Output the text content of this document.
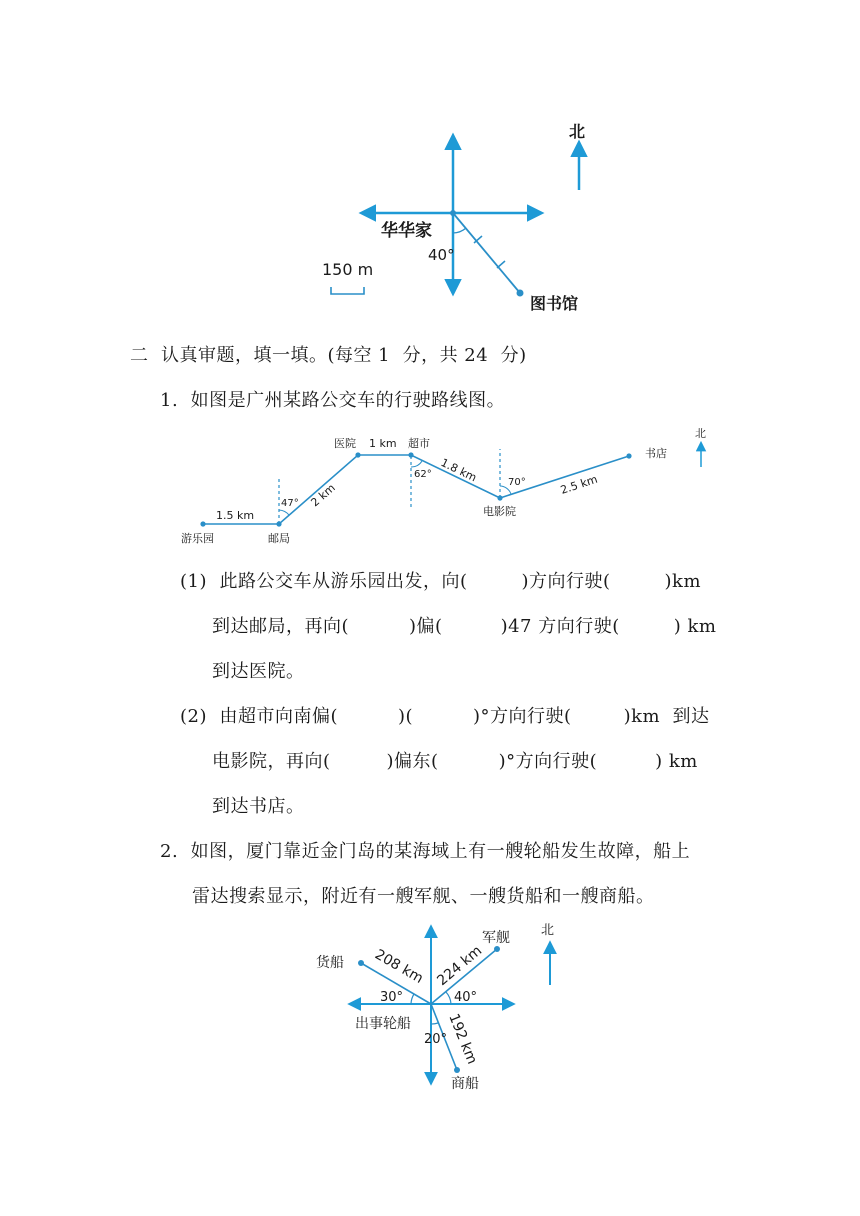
北
华华家
40°
图书馆
150 m
二  认真审题，填一填。(每空 1  分，共 24  分)
1.  如图是广州某路公交车的行驶路线图。
北
游乐园	邮局
医院	超市
电影院
书店
1.5 km
2 km
1 km
1.8 km
2.5 km
47°
62°
70°
(1)  此路公交车从游乐园出发，向(	)方向行驶(	)km
到达邮局，再向(	)偏(	)47 方向行驶(	) km
到达医院。
(2)  由超市向南偏(	)(	)°方向行驶(	)km  到达
电影院，再向(	)偏东(	)°方向行驶(	) km
到达书店。
2.  如图，厦门靠近金门岛的某海域上有一艘轮船发生故障，船上
雷达搜索显示，附近有一艘军舰、一艘货船和一艘商船。
北
货船
军舰
商船
出事轮船
208 km 224 km
192 km
30°	40°
20°
